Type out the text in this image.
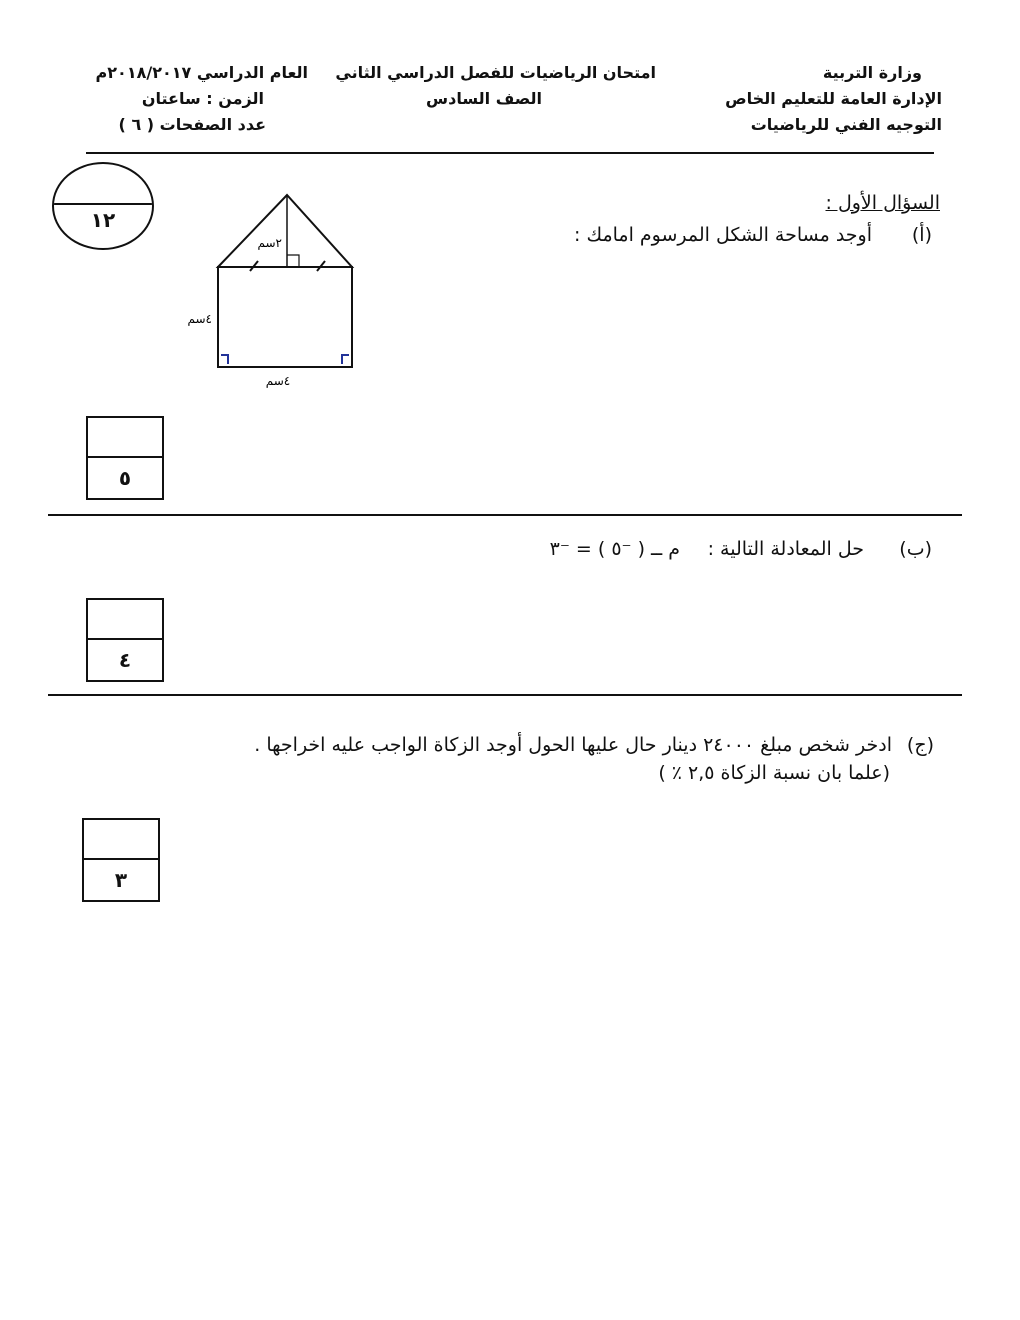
وزارة التربية
الإدارة العامة للتعليم الخاص
التوجيه الفني للرياضيات
امتحان الرياضيات للفصل الدراسي الثاني
الصف السادس
العام الدراسي ٢٠١٨/٢٠١٧م
الزمن : ساعتان
عدد الصفحات ( ٦ )
١٢
السؤال الأول :
(أ)
أوجد مساحة الشكل المرسوم امامك :
٢سم
٤سم
٤سم
٥
(ب)
حل المعادلة التالية :
م ــ ( ⁻٥ ) = ⁻٣
٤
(ج)
ادخر شخص مبلغ ٢٤٠٠٠ دينار حال عليها الحول أوجد الزكاة الواجب عليه اخراجها .
(علما بان نسبة الزكاة ٢,٥ ٪ )
٣
